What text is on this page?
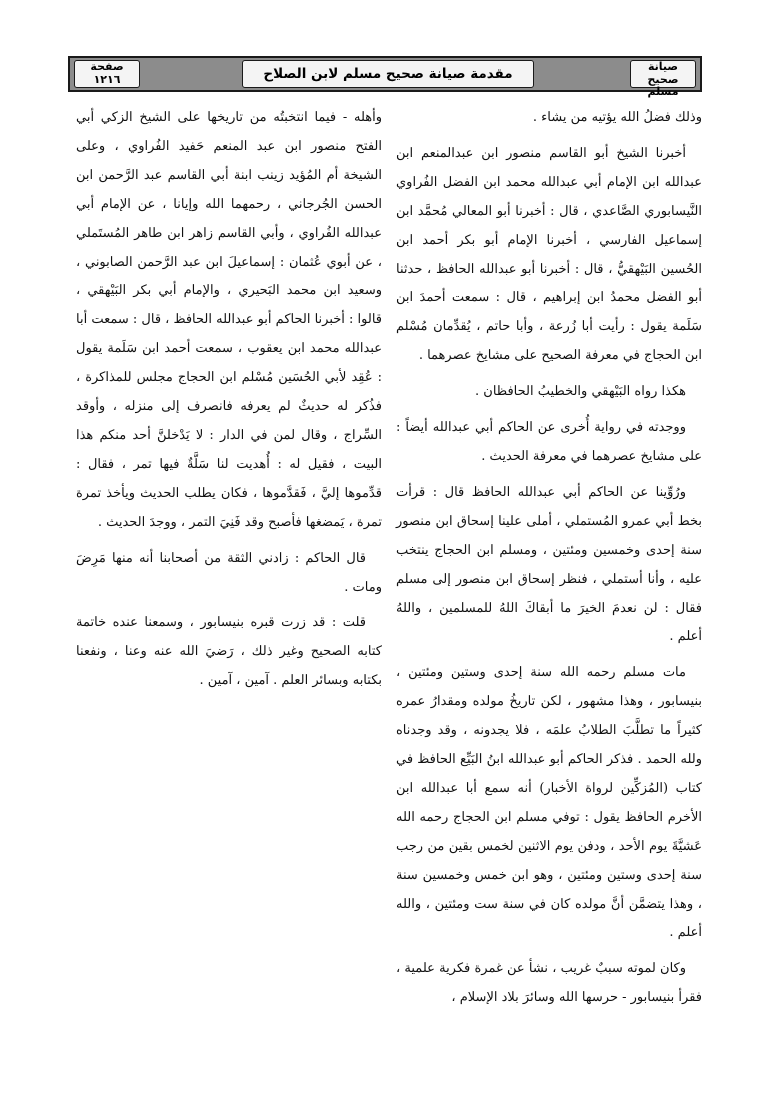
صيانة
صحيح مسلم
مقدمة صيانة صحيح مسلم لابن الصلاح
صفحة
١٢١٦

وذلك فضلُ الله يؤتيه من يشاء .

أخبرنا الشيخ أبو القاسم منصور ابن عبدالمنعم ابن عبدالله ابن الإمام أبي عبدالله محمد ابن الفضل الفُراوي النَّيسابوري الصَّاعدي ، قال : أخبرنا أبو المعالي مُحمَّد ابن إسماعيل الفارسي ، أخبرنا الإمام أبو بكر أحمد ابن الحُسين البَيْهقيُّ ، قال : أخبرنا أبو عبدالله الحافظ ، حدثنا أبو الفضل محمدُ ابن إبراهيم ، قال : سمعت أحمدَ ابن سَلَمة يقول : رأيت أبا زُرعة ، وأبا حاتم ، يُقدِّمان مُسْلم ابن الحجاج في معرفة الصحيح على مشايخ عصرهما .

هكذا رواه البَيْهقي والخطيبُ الحافظان .

ووجدته في رواية أُخرى عن الحاكم أبي عبدالله أيضاً : على مشايخ عصرهما في معرفة الحديث .

ورُوِّينا عن الحاكم أبي عبدالله الحافظ قال : قرأت بخط أبي عمرو المُستملي ، أملى علينا إسحاق ابن منصور سنة إحدى وخمسين ومئتين ، ومسلم ابن الحجاج ينتخب عليه ، وأنا أستملي ، فنظر إسحاق ابن منصور إلى مسلم فقال : لن نعدمَ الخيرَ ما أبقاكَ اللهُ للمسلمين ، واللهُ أعلم .

مات مسلم رحمه الله سنة إحدى وستين ومئتين ، بنيسابور ، وهذا مشهور ، لكن تاريخُ مولده ومقدارُ عمره كثيراً ما تطلَّبَ الطلابُ علمَه ، فلا يجدونه ، وقد وجدناه ولله الحمد . فذكر الحاكم أبو عبدالله ابنُ البَيِّع الحافظ في كتاب (المُزكِّين لرواة الأخبار) أنه سمع أبا عبدالله ابن الأخرم الحافظ يقول : توفي مسلم ابن الحجاج رحمه الله عَشيَّةَ يوم الأحد ، ودفن يوم الاثنين لخمس بقين من رجب سنة إحدى وستين ومئتين ، وهو ابن خمس وخمسين سنة ، وهذا يتضمَّن أنَّ مولده كان في سنة ست ومئتين ، والله أعلم .

وكان لموته سببٌ غريب ، نشأ عن غمرة فكرية علمية ، فقرأ بنيسابور - حرسها الله وسائرَ بلاد الإسلام ،

وأهله - فيما انتخبتُه من تاريخها على الشيخ الزكي أبي الفتح منصور ابن عبد المنعم حَفيد الفُراوي ، وعلى الشيخة أم المُؤيد زينب ابنة أبي القاسم عبد الرَّحمن ابن الحسن الجُرجاني ، رحمهما الله وإيانا ، عن الإمام أبي عبدالله الفُراوي ، وأبي القاسم زاهر ابن طاهر المُستَملي ، عن أبوي عُثمان : إسماعيلَ ابن عبد الرَّحمن الصابوني ، وسعيد ابن محمد البَحيري ، والإمام أبي بكر البَيْهقي ، قالوا : أخبرنا الحاكم أبو عبدالله الحافظ ، قال : سمعت أبا عبدالله محمد ابن يعقوب ، سمعت أحمد ابن سَلَمة يقول : عُقِد لأبي الحُسَين مُسْلم ابن الحجاج مجلس للمذاكرة ، فذُكر له حديثٌ لم يعرفه فانصرف إلى منزله ، وأوقد السِّراج ، وقال لمن في الدار : لا يَدْخلنَّ أحد منكم هذا البيت ، فقيل له : أُهديت لنا سَلَّةٌ فيها تمر ، فقال : قدِّموها إليَّ ، فَقدَّموها ، فكان يطلب الحديث ويأخذ تمرة تمرة ، يَمضغها فأصبح وقد فَنِيَ التمر ، ووجدَ الحديث .

قال الحاكم : زادني الثقة من أصحابنا أنه منها مَرِضَ ومات .

قلت : قد زرت قبره بنيسابور ، وسمعنا عنده خاتمة كتابه الصحيح وغير ذلك ، رَضيَ الله عنه وعنا ، ونفعنا بكتابه وبسائر العلم . آمين ، آمين .
